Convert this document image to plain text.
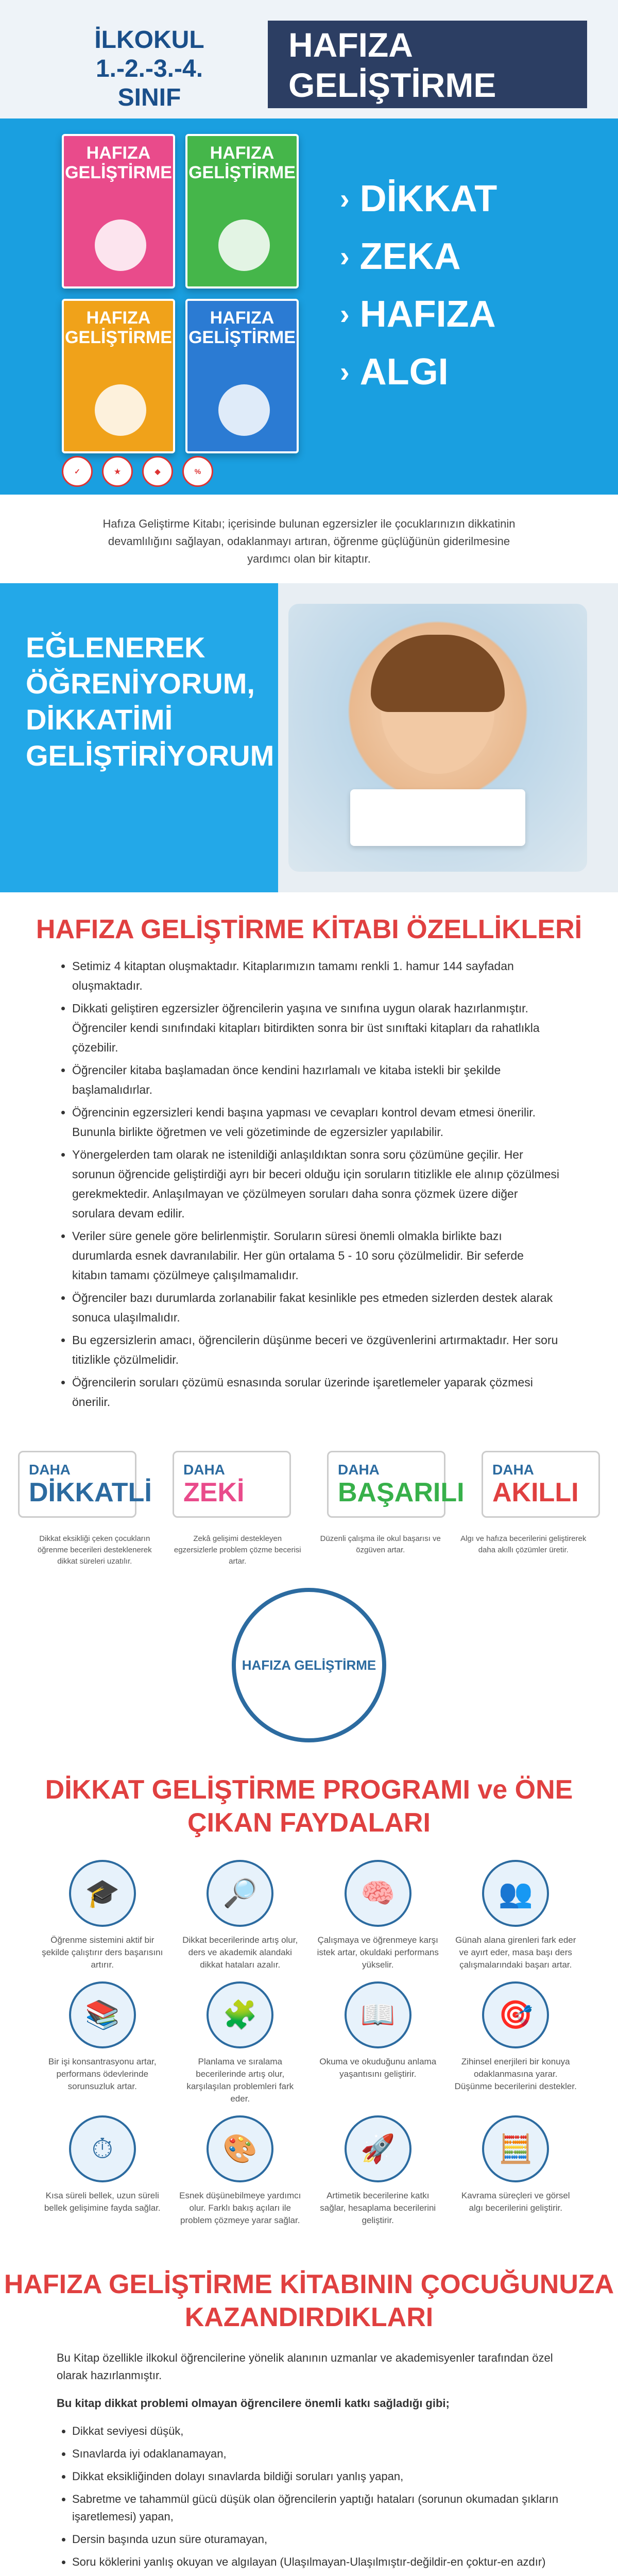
İLKOKUL 1.-2.-3.-4. SINIF
HAFIZA GELİŞTİRME
HAFIZA GELİŞTİRME
HAFIZA GELİŞTİRME
HAFIZA GELİŞTİRME
HAFIZA GELİŞTİRME
› DİKKAT
› ZEKA
› HAFIZA
› ALGI
✓	★	◆	%

Hafıza Geliştirme Kitabı; içerisinde bulunan egzersizler ile çocuklarınızın dikkatinin devamlılığını sağlayan, odaklanmayı artıran, öğrenme güçlüğünün giderilmesine yardımcı olan bir kitaptır.

EĞLENEREK ÖĞRENİYORUM, DİKKATİMİ GELİŞTİRİYORUM
HAFIZA GELİŞTİRME KİTABI ÖZELLİKLERİ
• Setimiz 4 kitaptan oluşmaktadır. Kitaplarımızın tamamı renkli 1. hamur 144 sayfadan oluşmaktadır.
• Dikkati geliştiren egzersizler öğrencilerin yaşına ve sınıfına uygun olarak hazırlanmıştır. Öğrenciler kendi sınıfındaki kitapları bitirdikten sonra bir üst sınıftaki kitapları da rahatlıkla çözebilir.
• Öğrenciler kitaba başlamadan önce kendini hazırlamalı ve kitaba istekli bir şekilde başlamalıdırlar.
• Öğrencinin egzersizleri kendi başına yapması ve cevapları kontrol devam etmesi önerilir. Bununla birlikte öğretmen ve veli gözetiminde de egzersizler yapılabilir.
• Yönergelerden tam olarak ne istenildiği anlaşıldıktan sonra soru çözümüne geçilir. Her sorunun öğrencide geliştirdiği ayrı bir beceri olduğu için soruların titizlikle ele alınıp çözülmesi gerekmektedir. Anlaşılmayan ve çözülmeyen soruları daha sonra çözmek üzere diğer sorulara devam edilir.
• Veriler süre genele göre belirlenmiştir. Soruların süresi önemli olmakla birlikte bazı durumlarda esnek davranılabilir. Her gün ortalama 5 - 10 soru çözülmelidir. Bir seferde kitabın tamamı çözülmeye çalışılmamalıdır.
• Öğrenciler bazı durumlarda zorlanabilir fakat kesinlikle pes etmeden sizlerden destek alarak sonuca ulaşılmalıdır.
• Bu egzersizlerin amacı, öğrencilerin düşünme beceri ve özgüvenlerini artırmaktadır. Her soru titizlikle çözülmelidir.
• Öğrencilerin soruları çözümü esnasında sorular üzerinde işaretlemeler yaparak çözmesi önerilir.
DAHA
DİKKATLİ
DAHA
ZEKİ
DAHA
BAŞARILI
DAHA
AKILLI

Dikkat eksikliği çeken çocukların öğrenme becerileri desteklenerek dikkat süreleri uzatılır.

Zekâ gelişimi destekleyen egzersizlerle problem çözme becerisi artar.

Düzenli çalışma ile okul başarısı ve özgüven artar.

Algı ve hafıza becerilerini geliştirerek daha akıllı çözümler üretir.

HAFIZA GELİŞTİRME
DİKKAT GELİŞTİRME PROGRAMI ve ÖNE ÇIKAN FAYDALARI
🎓

Öğrenme sistemini aktif bir şekilde çalıştırır ders başarısını artırır.

🔎

Dikkat becerilerinde artış olur, ders ve akademik alandaki dikkat hataları azalır.

🧠

Çalışmaya ve öğrenmeye karşı istek artar, okuldaki performans yükselir.

👥

Günah alana girenleri fark eder ve ayırt eder, masa başı ders çalışmalarındaki başarı artar.

📚

Bir işi konsantrasyonu artar, performans ödevlerinde sorunsuzluk artar.

🧩

Planlama ve sıralama becerilerinde artış olur, karşılaşılan problemleri fark eder.

📖

Okuma ve okuduğunu anlama yaşantısını geliştirir.

🎯

Zihinsel enerjileri bir konuya odaklanmasına yarar. Düşünme becerilerini destekler.

⏱

Kısa süreli bellek, uzun süreli bellek gelişimine fayda sağlar.

🎨

Esnek düşünebilmeye yardımcı olur. Farklı bakış açıları ile problem çözmeye yarar sağlar.

🚀

Artimetik becerilerine katkı sağlar, hesaplama becerilerini geliştirir.

🧮

Kavrama süreçleri ve görsel algı becerilerini geliştirir.

HAFIZA GELİŞTİRME KİTABININ ÇOCUĞUNUZA KAZANDIRDIKLARI

Bu Kitap özellikle ilkokul öğrencilerine yönelik alanının uzmanlar ve akademisyenler tarafından özel olarak hazırlanmıştır.

Bu kitap dikkat problemi olmayan öğrencilere önemli katkı sağladığı gibi;

• Dikkat seviyesi düşük,
• Sınavlarda iyi odaklanamayan,
• Dikkat eksikliğinden dolayı sınavlarda bildiği soruları yanlış yapan,
• Sabretme ve tahammül gücü düşük olan öğrencilerin yaptığı hataları (sorunun okumadan şıkların işaretlemesi) yapan,
• Dersin başında uzun süre oturamayan,
• Soru köklerini yanlış okuyan ve algılayan (Ulaşılmayan-Ulaşılmıştır-değildir-en çoktur-en azdır)
